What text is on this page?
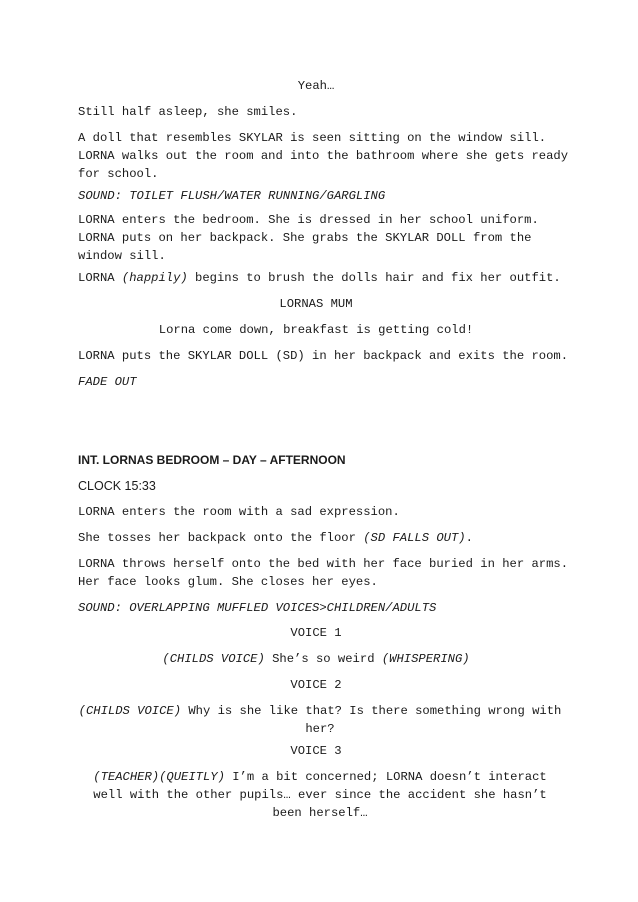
Yeah…
Still half asleep, she smiles.
A doll that resembles SKYLAR is seen sitting on the window sill.
LORNA walks out the room and into the bathroom where she gets ready
for school.
SOUND: TOILET FLUSH/WATER RUNNING/GARGLING
LORNA enters the bedroom. She is dressed in her school uniform.
LORNA puts on her backpack. She grabs the SKYLAR DOLL from the
window sill.
LORNA (happily) begins to brush the dolls hair and fix her outfit.
LORNAS MUM
Lorna come down, breakfast is getting cold!
LORNA puts the SKYLAR DOLL (SD) in her backpack and exits the room.
FADE OUT
INT. LORNAS BEDROOM – DAY – AFTERNOON
CLOCK 15:33
LORNA enters the room with a sad expression.
She tosses her backpack onto the floor (SD FALLS OUT).
LORNA throws herself onto the bed with her face buried in her arms.
Her face looks glum. She closes her eyes.
SOUND: OVERLAPPING MUFFLED VOICES>CHILDREN/ADULTS
VOICE 1
(CHILDS VOICE) She’s so weird (WHISPERING)
VOICE 2
(CHILDS VOICE) Why is she like that? Is there something wrong with her?
VOICE 3
(TEACHER)(QUEITLY) I’m a bit concerned; LORNA doesn’t interact well with the other pupils… ever since the accident she hasn’t been herself…
